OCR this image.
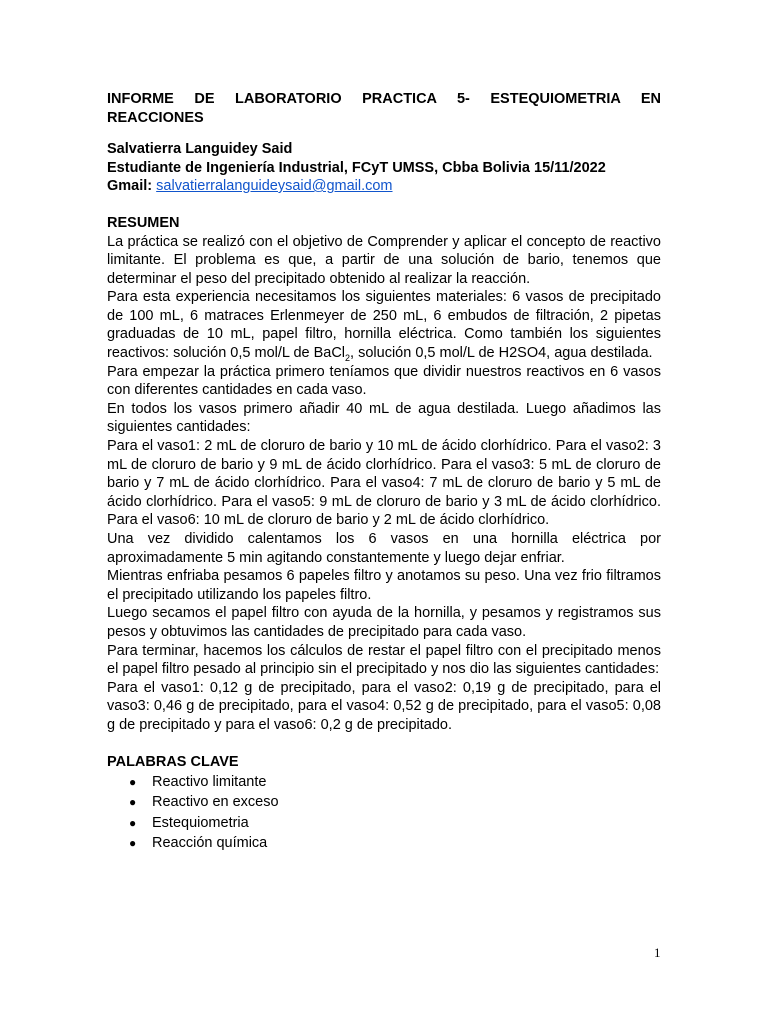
INFORME DE LABORATORIO PRACTICA 5- ESTEQUIOMETRIA EN
REACCIONES
Salvatierra Languidey Said
Estudiante de Ingeniería Industrial, FCyT UMSS, Cbba Bolivia 15/11/2022
Gmail: salvatierralanguideysaid@gmail.com
RESUMEN

La práctica se realizó con el objetivo de Comprender y aplicar el concepto de reactivo limitante. El problema es que, a partir de una solución de bario, tenemos que determinar el peso del precipitado obtenido al realizar la reacción.

Para esta experiencia necesitamos los siguientes materiales: 6 vasos de precipitado de 100 mL, 6 matraces Erlenmeyer de 250 mL, 6 embudos de filtración, 2 pipetas graduadas de 10 mL, papel filtro, hornilla eléctrica. Como también los siguientes reactivos: solución 0,5 mol/L de BaCl$_2$, solución 0,5 mol/L de H2SO4, agua destilada.

Para empezar la práctica primero teníamos que dividir nuestros reactivos en 6 vasos con diferentes cantidades en cada vaso.

En todos los vasos primero añadir 40 mL de agua destilada. Luego añadimos las siguientes cantidades:

Para el vaso1: 2 mL de cloruro de bario y 10 mL de ácido clorhídrico. Para el vaso2: 3 mL de cloruro de bario y 9 mL de ácido clorhídrico. Para el vaso3: 5 mL de cloruro de bario y 7 mL de ácido clorhídrico. Para el vaso4: 7 mL de cloruro de bario y 5 mL de ácido clorhídrico. Para el vaso5: 9 mL de cloruro de bario y 3 mL de ácido clorhídrico. Para el vaso6: 10 mL de cloruro de bario y 2 mL de ácido clorhídrico.

Una vez dividido calentamos los 6 vasos en una hornilla eléctrica por aproximadamente 5 min agitando constantemente y luego dejar enfriar.

Mientras enfriaba pesamos 6 papeles filtro y anotamos su peso. Una vez frio filtramos el precipitado utilizando los papeles filtro.

Luego secamos el papel filtro con ayuda de la hornilla, y pesamos y registramos sus pesos y obtuvimos las cantidades de precipitado para cada vaso.

Para terminar, hacemos los cálculos de restar el papel filtro con el precipitado menos el papel filtro pesado al principio sin el precipitado y nos dio las siguientes cantidades:

Para el vaso1: 0,12 g de precipitado, para el vaso2: 0,19 g de precipitado, para el vaso3: 0,46 g de precipitado, para el vaso4: 0,52 g de precipitado, para el vaso5: 0,08 g de precipitado y para el vaso6: 0,2 g de precipitado.

PALABRAS CLAVE
● Reactivo limitante
● Reactivo en exceso
● Estequiometria
● Reacción química
1
